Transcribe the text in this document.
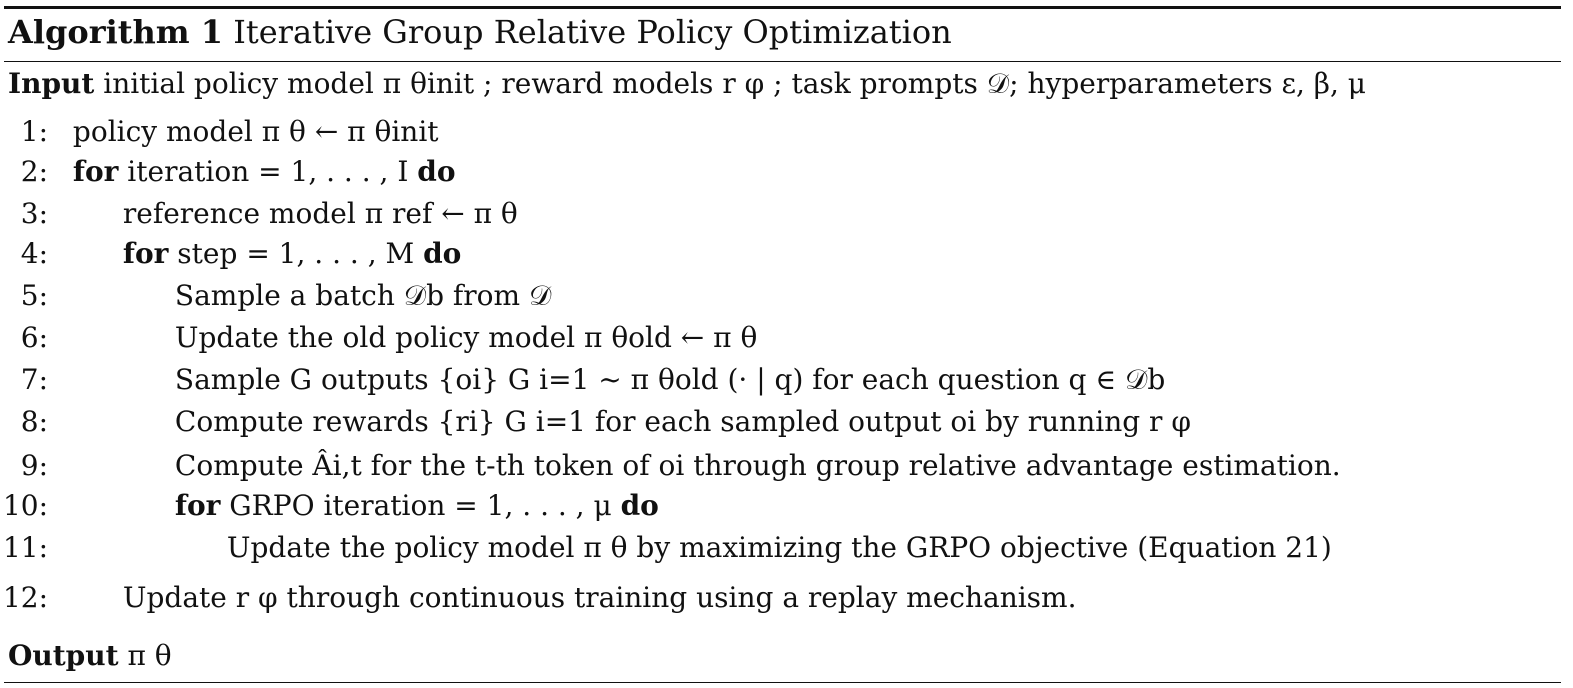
Algorithm 1 Iterative Group Relative Policy Optimization
Input initial policy model π θinit ; reward models r φ ; task prompts 𝒟; hyperparameters ε, β, μ
1: policy model π θ ← π θinit
2: for iteration = 1, . . . , I do
3:	reference model π ref ← π θ
4:	for step = 1, . . . , M do
5:	Sample a batch 𝒟b from 𝒟
6:	Update the old policy model π θold ← π θ
7:	Sample G outputs {oi} G i=1 ~ π θold (· | q) for each question q ∈ 𝒟b
8:	Compute rewards {ri} G i=1 for each sampled output oi by running r φ
9:	Compute Âi,t for the t-th token of oi through group relative advantage estimation.
10:	for GRPO iteration = 1, . . . , μ do
11:	Update the policy model π θ by maximizing the GRPO objective (Equation 21)
12:	Update r φ through continuous training using a replay mechanism.
Output π θ
